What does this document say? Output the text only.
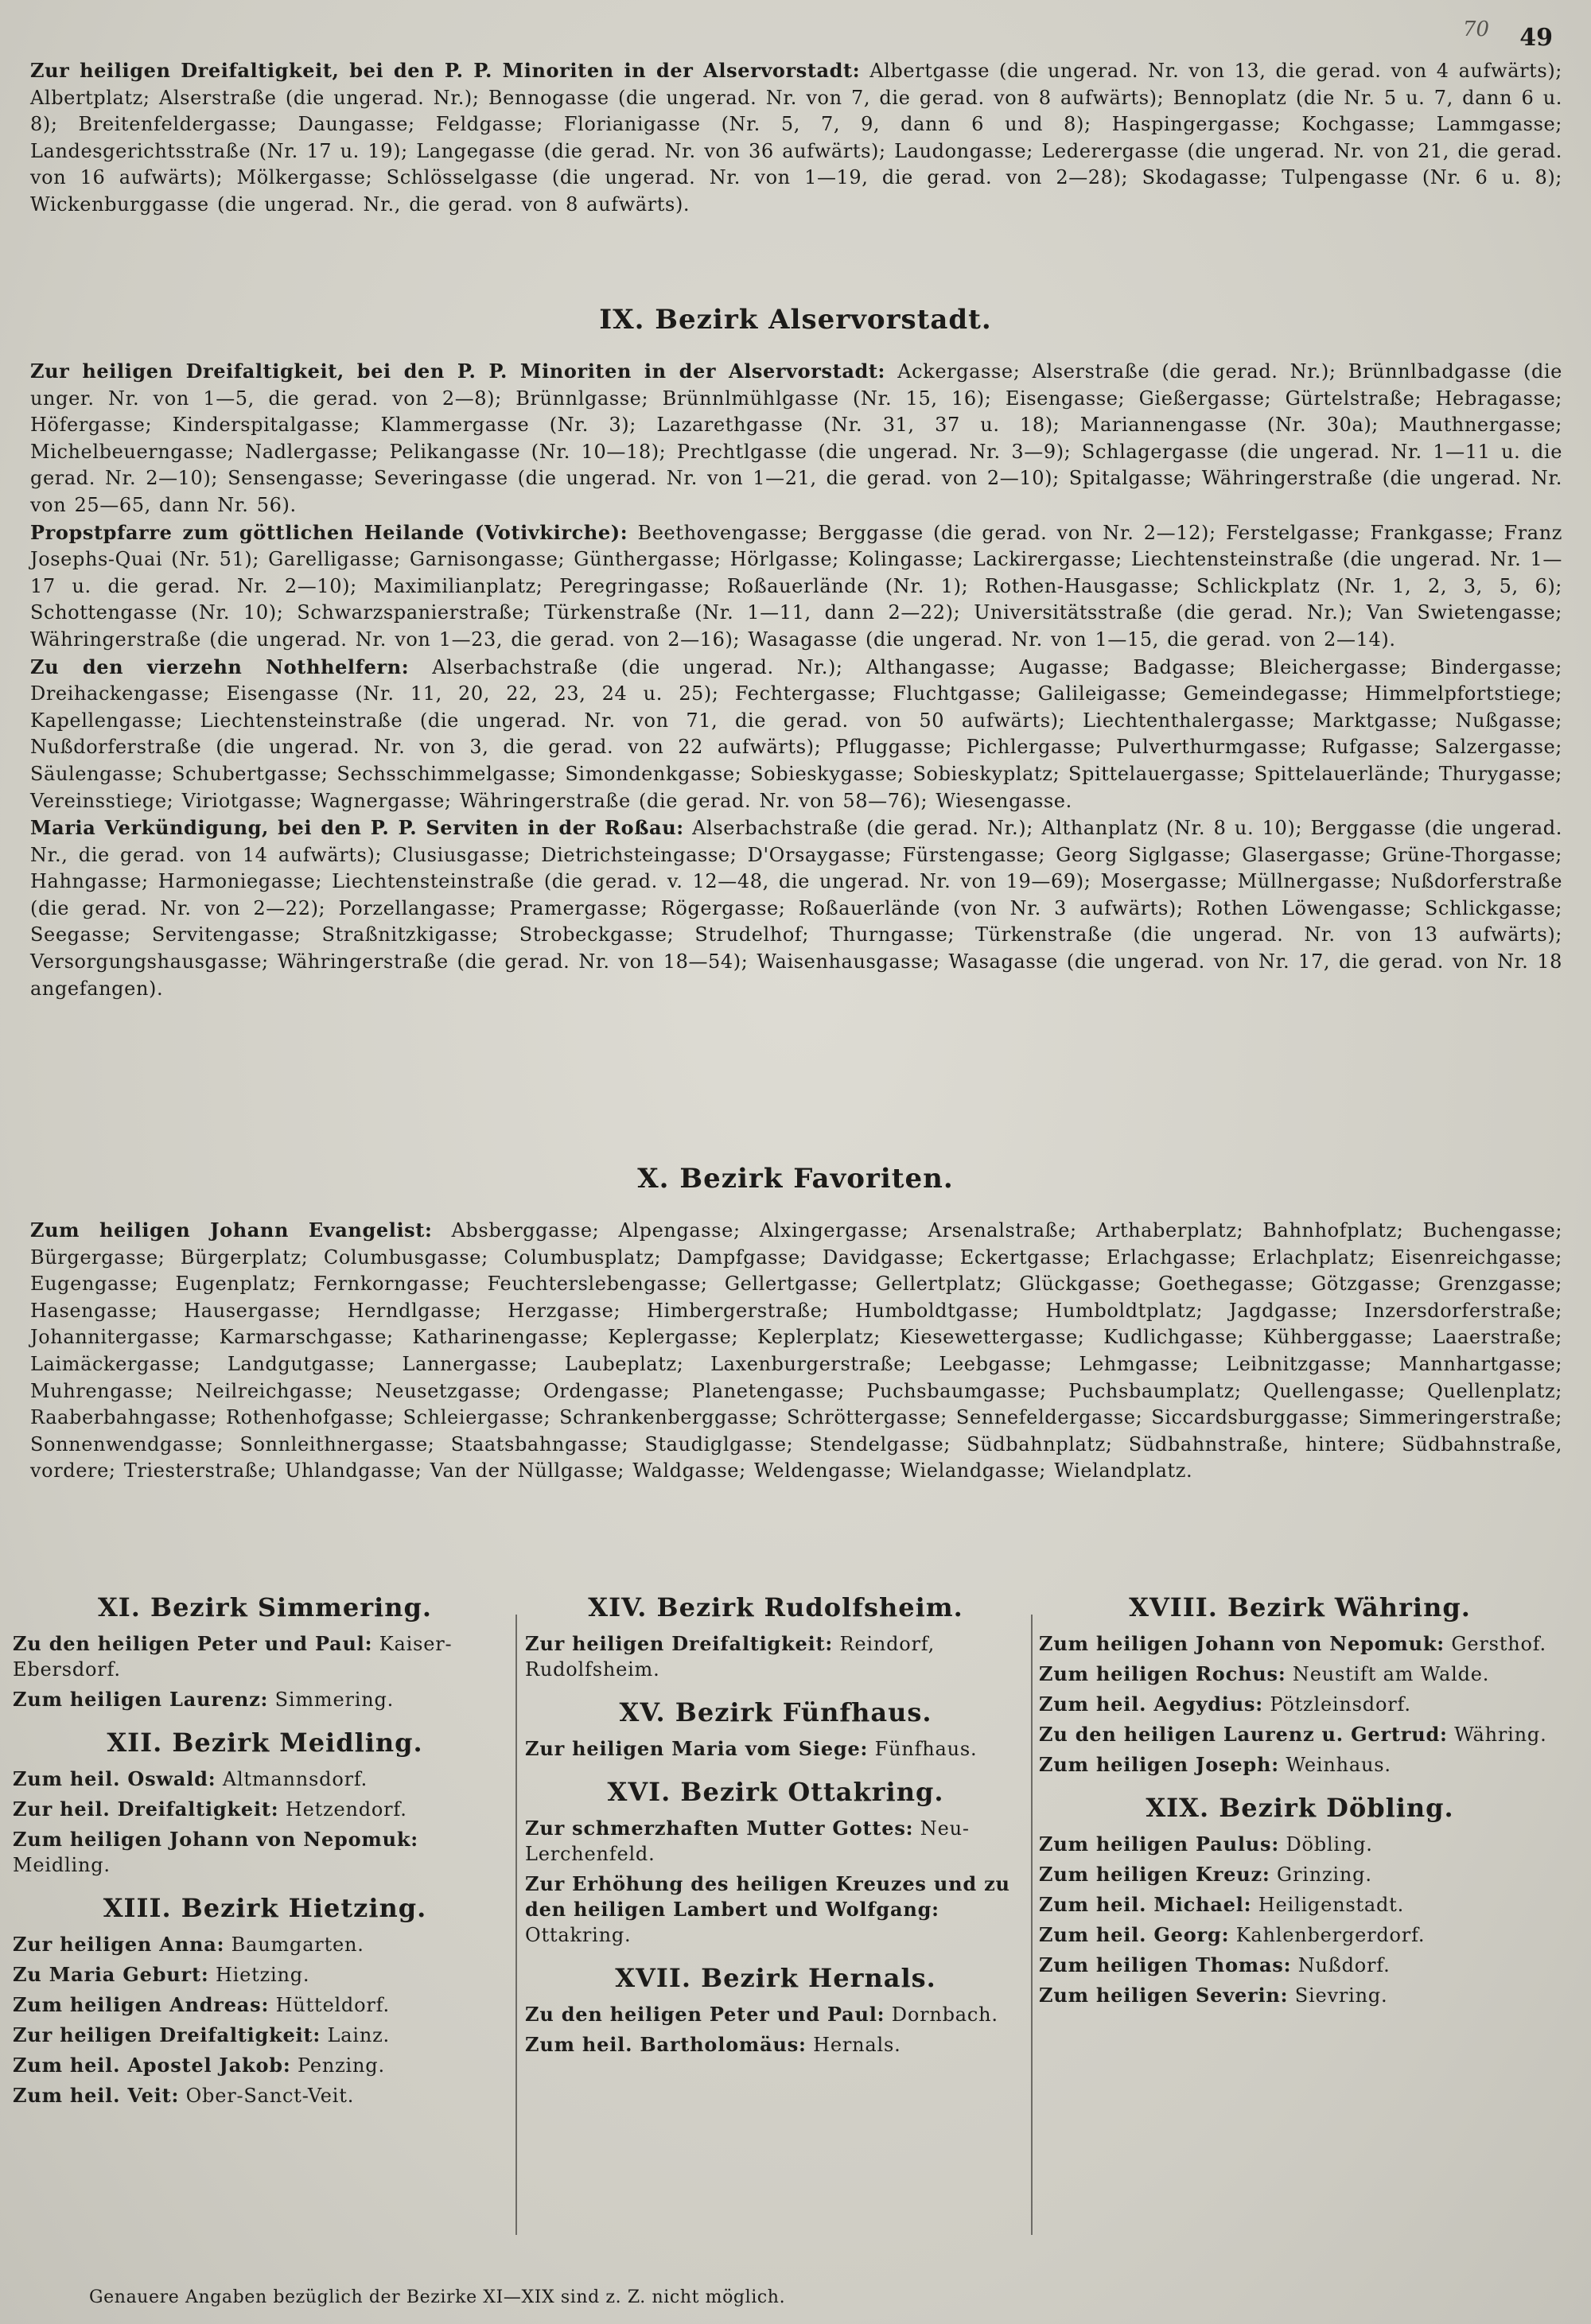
70 49

Zur heiligen Dreifaltigkeit, bei den P. P. Minoriten in der Alservorstadt: Albertgasse (die ungerad. Nr. von 13, die gerad. von 4 aufwärts); Albertplatz; Alserstraße (die ungerad. Nr.); Bennogasse (die ungerad. Nr. von 7, die gerad. von 8 aufwärts); Bennoplatz (die Nr. 5 u. 7, dann 6 u. 8); Breitenfeldergasse; Daungasse; Feldgasse; Florianigasse (Nr. 5, 7, 9, dann 6 und 8); Haspingergasse; Kochgasse; Lammgasse; Landesgerichtsstraße (Nr. 17 u. 19); Langegasse (die gerad. Nr. von 36 aufwärts); Laudongasse; Lederergasse (die ungerad. Nr. von 21, die gerad. von 16 aufwärts); Mölkergasse; Schlösselgasse (die ungerad. Nr. von 1—19, die gerad. von 2—28); Skodagasse; Tulpengasse (Nr. 6 u. 8); Wickenburggasse (die ungerad. Nr., die gerad. von 8 aufwärts).

IX. Bezirk Alservorstadt.

Zur heiligen Dreifaltigkeit, bei den P. P. Minoriten in der Alservorstadt: Ackergasse; Alserstraße (die gerad. Nr.); Brünnlbadgasse (die unger. Nr. von 1—5, die gerad. von 2—8); Brünnlgasse; Brünnlmühlgasse (Nr. 15, 16); Eisengasse; Gießergasse; Gürtelstraße; Hebragasse; Höfergasse; Kinderspitalgasse; Klammergasse (Nr. 3); Lazarethgasse (Nr. 31, 37 u. 18); Mariannengasse (Nr. 30a); Mauthnergasse; Michelbeuerngasse; Nadlergasse; Pelikangasse (Nr. 10—18); Prechtlgasse (die ungerad. Nr. 3—9); Schlagergasse (die ungerad. Nr. 1—11 u. die gerad. Nr. 2—10); Sensengasse; Severingasse (die ungerad. Nr. von 1—21, die gerad. von 2—10); Spitalgasse; Währingerstraße (die ungerad. Nr. von 25—65, dann Nr. 56).

Propstpfarre zum göttlichen Heilande (Votivkirche): Beethovengasse; Berggasse (die gerad. von Nr. 2—12); Ferstelgasse; Frankgasse; Franz Josephs-Quai (Nr. 51); Garelligasse; Garnisongasse; Günthergasse; Hörlgasse; Kolingasse; Lackirergasse; Liechtensteinstraße (die ungerad. Nr. 1—17 u. die gerad. Nr. 2—10); Maximilianplatz; Peregringasse; Roßauerlände (Nr. 1); Rothen-Hausgasse; Schlickplatz (Nr. 1, 2, 3, 5, 6); Schottengasse (Nr. 10); Schwarzspanierstraße; Türkenstraße (Nr. 1—11, dann 2—22); Universitätsstraße (die gerad. Nr.); Van Swietengasse; Währingerstraße (die ungerad. Nr. von 1—23, die gerad. von 2—16); Wasagasse (die ungerad. Nr. von 1—15, die gerad. von 2—14).

Zu den vierzehn Nothhelfern: Alserbachstraße (die ungerad. Nr.); Althangasse; Augasse; Badgasse; Bleichergasse; Bindergasse; Dreihackengasse; Eisengasse (Nr. 11, 20, 22, 23, 24 u. 25); Fechtergasse; Fluchtgasse; Galileigasse; Gemeindegasse; Himmelpfortstiege; Kapellengasse; Liechtensteinstraße (die ungerad. Nr. von 71, die gerad. von 50 aufwärts); Liechtenthalergasse; Marktgasse; Nußgasse; Nußdorferstraße (die ungerad. Nr. von 3, die gerad. von 22 aufwärts); Pfluggasse; Pichlergasse; Pulverthurmgasse; Rufgasse; Salzergasse; Säulengasse; Schubertgasse; Sechsschimmelgasse; Simondenkgasse; Sobieskygasse; Sobieskyplatz; Spittelauergasse; Spittelauerlände; Thurygasse; Vereinsstiege; Viriotgasse; Wagnergasse; Währingerstraße (die gerad. Nr. von 58—76); Wiesengasse.

Maria Verkündigung, bei den P. P. Serviten in der Roßau: Alserbachstraße (die gerad. Nr.); Althanplatz (Nr. 8 u. 10); Berggasse (die ungerad. Nr., die gerad. von 14 aufwärts); Clusiusgasse; Dietrichsteingasse; D'Orsaygasse; Fürstengasse; Georg Siglgasse; Glasergasse; Grüne-Thorgasse; Hahngasse; Harmoniegasse; Liechtensteinstraße (die gerad. v. 12—48, die ungerad. Nr. von 19—69); Mosergasse; Müllnergasse; Nußdorferstraße (die gerad. Nr. von 2—22); Porzellangasse; Pramergasse; Rögergasse; Roßauerlände (von Nr. 3 aufwärts); Rothen Löwengasse; Schlickgasse; Seegasse; Servitengasse; Straßnitzkigasse; Strobeckgasse; Strudelhof; Thurngasse; Türkenstraße (die ungerad. Nr. von 13 aufwärts); Versorgungshausgasse; Währingerstraße (die gerad. Nr. von 18—54); Waisenhausgasse; Wasagasse (die ungerad. von Nr. 17, die gerad. von Nr. 18 angefangen).

X. Bezirk Favoriten.

Zum heiligen Johann Evangelist: Absberggasse; Alpengasse; Alxingergasse; Arsenalstraße; Arthaberplatz; Bahnhofplatz; Buchengasse; Bürgergasse; Bürgerplatz; Columbusgasse; Columbusplatz; Dampfgasse; Davidgasse; Eckertgasse; Erlachgasse; Erlachplatz; Eisenreichgasse; Eugengasse; Eugenplatz; Fernkorngasse; Feuchterslebengasse; Gellertgasse; Gellertplatz; Glückgasse; Goethegasse; Götzgasse; Grenzgasse; Hasengasse; Hausergasse; Herndlgasse; Herzgasse; Himbergerstraße; Humboldtgasse; Humboldtplatz; Jagdgasse; Inzersdorferstraße; Johannitergasse; Karmarschgasse; Katharinengasse; Keplergasse; Keplerplatz; Kiesewettergasse; Kudlichgasse; Kühberggasse; Laaerstraße; Laimäckergasse; Landgutgasse; Lannergasse; Laubeplatz; Laxenburgerstraße; Leebgasse; Lehmgasse; Leibnitzgasse; Mannhartgasse; Muhrengasse; Neilreichgasse; Neusetzgasse; Ordengasse; Planetengasse; Puchsbaumgasse; Puchsbaumplatz; Quellengasse; Quellenplatz; Raaberbahngasse; Rothenhofgasse; Schleiergasse; Schrankenberggasse; Schröttergasse; Sennefeldergasse; Siccardsburggasse; Simmeringerstraße; Sonnenwendgasse; Sonnleithnergasse; Staatsbahngasse; Staudiglgasse; Stendelgasse; Südbahnplatz; Südbahnstraße, hintere; Südbahnstraße, vordere; Triesterstraße; Uhlandgasse; Van der Nüllgasse; Waldgasse; Weldengasse; Wielandgasse; Wielandplatz.

XI. Bezirk Simmering.

Zu den heiligen Peter und Paul: Kaiser-Ebersdorf.

Zum heiligen Laurenz: Simmering.

XII. Bezirk Meidling.

Zum heil. Oswald: Altmannsdorf.

Zur heil. Dreifaltigkeit: Hetzendorf.

Zum heiligen Johann von Nepomuk: Meidling.

XIII. Bezirk Hietzing.

Zur heiligen Anna: Baumgarten.

Zu Maria Geburt: Hietzing.

Zum heiligen Andreas: Hütteldorf.

Zur heiligen Dreifaltigkeit: Lainz.

Zum heil. Apostel Jakob: Penzing.

Zum heil. Veit: Ober-Sanct-Veit.

XIV. Bezirk Rudolfsheim.

Zur heiligen Dreifaltigkeit: Reindorf, Rudolfsheim.

XV. Bezirk Fünfhaus.

Zur heiligen Maria vom Siege: Fünfhaus.

XVI. Bezirk Ottakring.

Zur schmerzhaften Mutter Gottes: Neu-Lerchenfeld.

Zur Erhöhung des heiligen Kreuzes und zu den heiligen Lambert und Wolfgang: Ottakring.

XVII. Bezirk Hernals.

Zu den heiligen Peter und Paul: Dornbach.

Zum heil. Bartholomäus: Hernals.

XVIII. Bezirk Währing.

Zum heiligen Johann von Nepomuk: Gersthof.

Zum heiligen Rochus: Neustift am Walde.

Zum heil. Aegydius: Pötzleinsdorf.

Zu den heiligen Laurenz u. Gertrud: Währing.

Zum heiligen Joseph: Weinhaus.

XIX. Bezirk Döbling.

Zum heiligen Paulus: Döbling.

Zum heiligen Kreuz: Grinzing.

Zum heil. Michael: Heiligenstadt.

Zum heil. Georg: Kahlenbergerdorf.

Zum heiligen Thomas: Nußdorf.

Zum heiligen Severin: Sievring.

Genauere Angaben bezüglich der Bezirke XI—XIX sind z. Z. nicht möglich.
